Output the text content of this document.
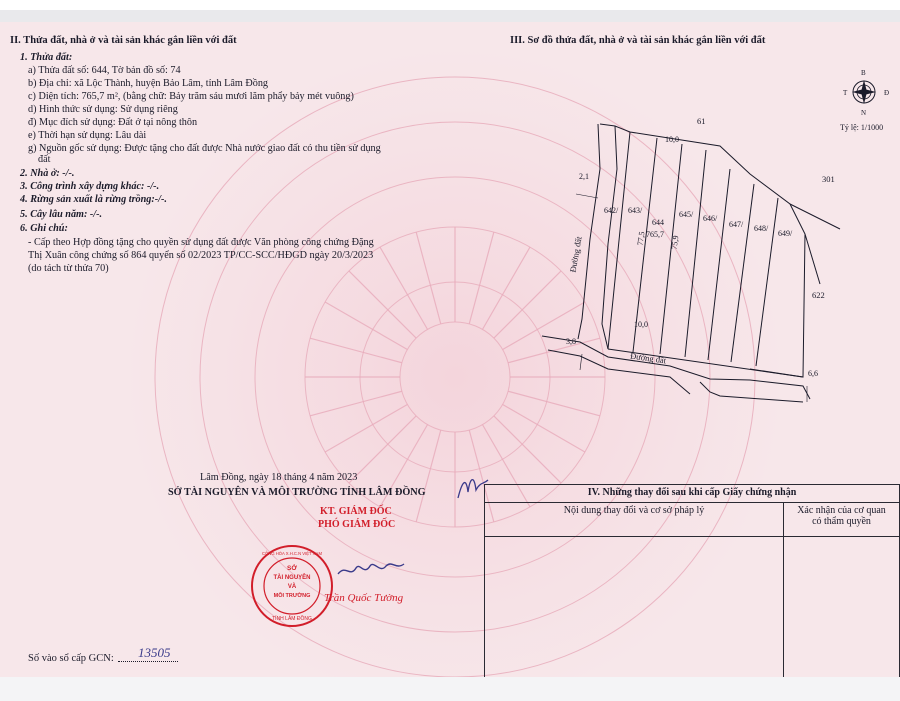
II. Thửa đất, nhà ở và tài sản khác gắn liền với đất
1. Thửa đất:
a) Thửa đất số: 644, Tờ bản đồ số: 74
b) Địa chỉ: xã Lộc Thành, huyện Bảo Lâm, tỉnh Lâm Đồng
c) Diện tích: 765,7 m², (bằng chữ: Bảy trăm sáu mươi lăm phẩy bảy mét vuông)
d) Hình thức sử dụng: Sử dụng riêng
đ) Mục đích sử dụng: Đất ở tại nông thôn
e) Thời hạn sử dụng: Lâu dài
g) Nguồn gốc sử dụng: Được tặng cho đất được Nhà nước giao đất có thu tiền sử dụng
đất
2. Nhà ở: -/-.
3. Công trình xây dựng khác: -/-.
4. Rừng sản xuất là rừng trồng:-/-.
5. Cây lâu năm: -/-.
6. Ghi chú:
- Cấp theo Hợp đồng tặng cho quyền sử dụng đất được Văn phòng công chứng Đặng
Thị Xuân công chứng số 864 quyển số 02/2023 TP/CC-SCC/HĐGD ngày 20/3/2023
(do tách từ thửa 70)
III. Sơ đồ thửa đất, nhà ở và tài sản khác gắn liền với đất
B
N
Đ
T
Tỷ lệ: 1/1000
61
301
622
642/ 643/
644
645/ 646/
647/ 648/
649/
765,7
10,0
10,0
77,5	75,9
2,1
3,8
6,6
Đường đất
Đường đất
Lâm Đồng, ngày 18 tháng 4 năm 2023
SỞ TÀI NGUYÊN VÀ MÔI TRƯỜNG TỈNH LÂM ĐỒNG
KT. GIÁM ĐỐC
PHÓ GIÁM ĐỐC
Trần Quốc Tường
SỞ
TÀI NGUYÊN
VÀ
MÔI TRƯỜNG
TỈNH LÂM ĐỒNG
CỘNG HÒA X.H.C.N VIỆT NAM
IV. Những thay đổi sau khi cấp Giấy chứng nhận	
Nội dung thay đổi và cơ sở pháp lý	Xác nhận của cơ quan
có thẩm quyền

Số vào sổ cấp GCN: 13505
